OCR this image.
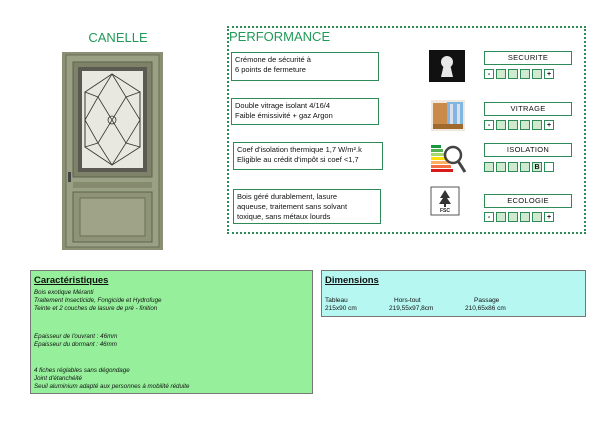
CANELLE	PERFORMANCE
Crémone de sécurité à
6 points de fermeture
Double vitrage isolant 4/16/4
Faible émissivité + gaz Argon
Coef d'isolation thermique 1,7 W/m².k
Eligible au crédit d'impôt si coef <1,7
Bois géré durablement, lasure
aqueuse, traitement sans solvant
toxique, sans métaux lourds
FSC
SECURITE
-	+
VITRAGE
-	+
ISOLATION
B
ECOLOGIE
-	+
Caractéristiques
Bois exotique Méranti
Traitement Insecticide, Fongicide et Hydrofuge
Teinte et 2 couches de lasure de pré - finition
Epaisseur de l'ouvrant : 46mm
Epaisseur du dormant : 46mm
4 fiches réglables sans dégondage
Joint d'étanchéité
Seuil aluminium adapté aux personnes à mobilité réduite
Dimensions
Tableau	Hors-tout	Passage
215x90 cm	219,55x97,8cm	210,65x86 cm
